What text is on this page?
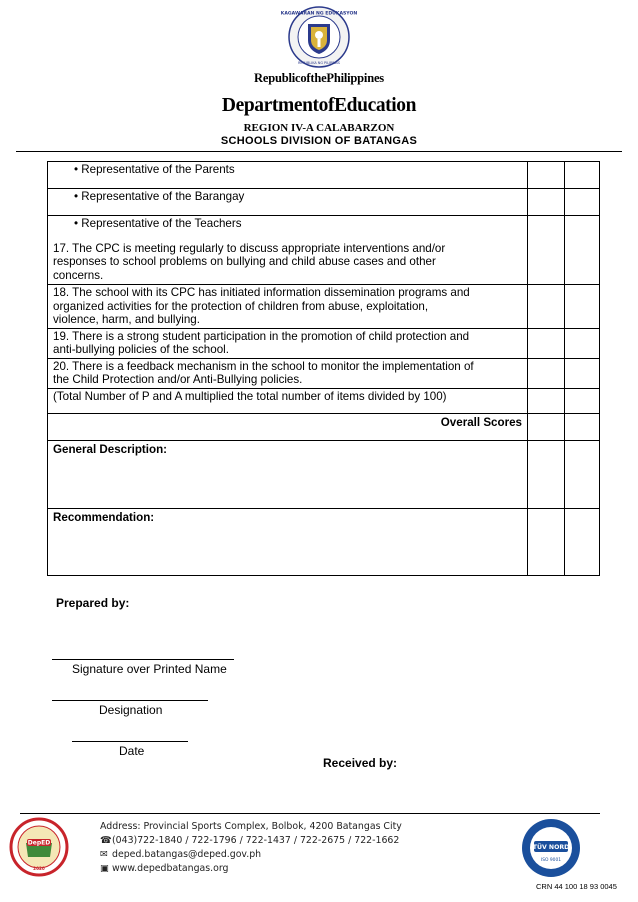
KAGAWARAN NG EDUKASYON
REPUBLIKA NG PILIPINAS
RepublicofthePhilippines
DepartmentofEducation
REGION IV-A CALABARZON
SCHOOLS DIVISION OF BATANGAS
• Representative of the Parents		
• Representative of the Barangay		
• Representative of the Teachers		

17. The CPC is meeting regularly to discuss appropriate interventions and/or
responses to school problems on bullying and child abuse cases and other
concerns.		

18. The school with its CPC has initiated information dissemination programs and
organized activities for the protection of children from abuse, exploitation,
violence, harm, and bullying.		

19. There is a strong student participation in the promotion of child protection and
anti-bullying policies of the school.		

20. There is a feedback mechanism in the school to monitor the implementation of
the Child Protection and/or Anti-Bullying policies.		

(Total Number of P and A multiplied the total number of items divided by 100)		
Overall Scores		
General Description:		
Recommendation:		
Prepared by:
Signature over Printed Name
Designation
Date
Received by:
DepED
2020
Address: Provincial Sports Complex, Bolbok, 4200 Batangas City
☎(043)722-1840 / 722-1796 / 722-1437 / 722-2675 / 722-1662
✉ deped.batangas@deped.gov.ph
▣ www.depedbatangas.org
TÜV NORD
ISO 9001
CRN 44 100 18 93 0045
